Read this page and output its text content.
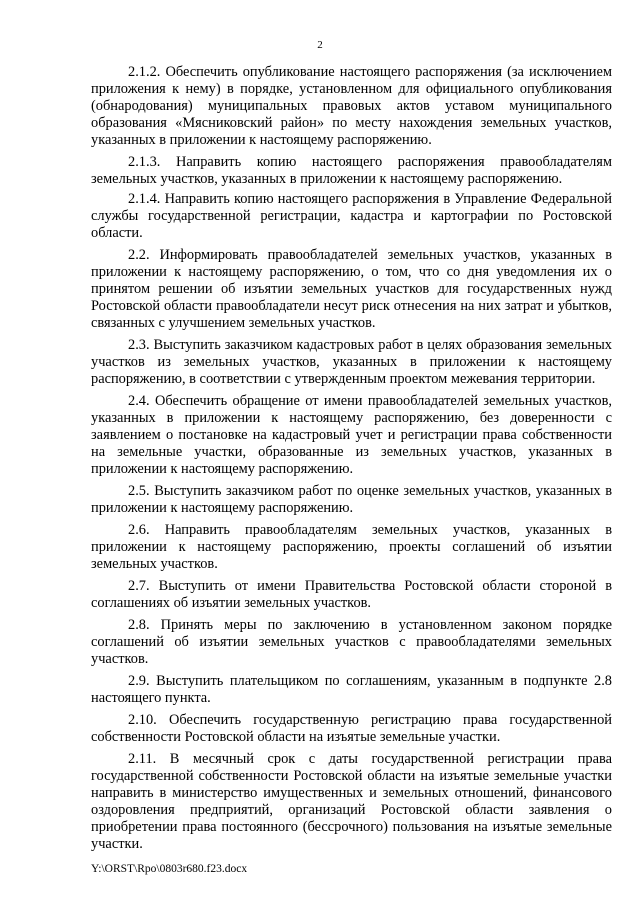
2

2.1.2. Обеспечить опубликование настоящего распоряжения (за исключением приложения к нему) в порядке, установленном для официального опубликования (обнародования) муниципальных правовых актов уставом муниципального образования «Мясниковский район» по месту нахождения земельных участков, указанных в приложении к настоящему распоряжению.

2.1.3. Направить копию настоящего распоряжения правообладателям земельных участков, указанных в приложении к настоящему распоряжению.

2.1.4. Направить копию настоящего распоряжения в Управление Федеральной службы государственной регистрации, кадастра и картографии по Ростовской области.

2.2. Информировать правообладателей земельных участков, указанных в приложении к настоящему распоряжению, о том, что со дня уведомления их о принятом решении об изъятии земельных участков для государственных нужд Ростовской области правообладатели несут риск отнесения на них затрат и убытков, связанных с улучшением земельных участков.

2.3. Выступить заказчиком кадастровых работ в целях образования земельных участков из земельных участков, указанных в приложении к настоящему распоряжению, в соответствии с утвержденным проектом межевания территории.

2.4. Обеспечить обращение от имени правообладателей земельных участков, указанных в приложении к настоящему распоряжению, без доверенности с заявлением о постановке на кадастровый учет и регистрации права собственности на земельные участки, образованные из земельных участков, указанных в приложении к настоящему распоряжению.

2.5. Выступить заказчиком работ по оценке земельных участков, указанных в приложении к настоящему распоряжению.

2.6. Направить правообладателям земельных участков, указанных в приложении к настоящему распоряжению, проекты соглашений об изъятии земельных участков.

2.7. Выступить от имени Правительства Ростовской области стороной в соглашениях об изъятии земельных участков.

2.8. Принять меры по заключению в установленном законом порядке соглашений об изъятии земельных участков с правообладателями земельных участков.

2.9. Выступить плательщиком по соглашениям, указанным в подпункте 2.8 настоящего пункта.

2.10. Обеспечить государственную регистрацию права государственной собственности Ростовской области на изъятые земельные участки.

2.11. В месячный срок с даты государственной регистрации права государственной собственности Ростовской области на изъятые земельные участки направить в министерство имущественных и земельных отношений, финансового оздоровления предприятий, организаций Ростовской области заявления о приобретении права постоянного (бессрочного) пользования на изъятые земельные участки.

Y:\ORST\Rpo\0803r680.f23.docx
